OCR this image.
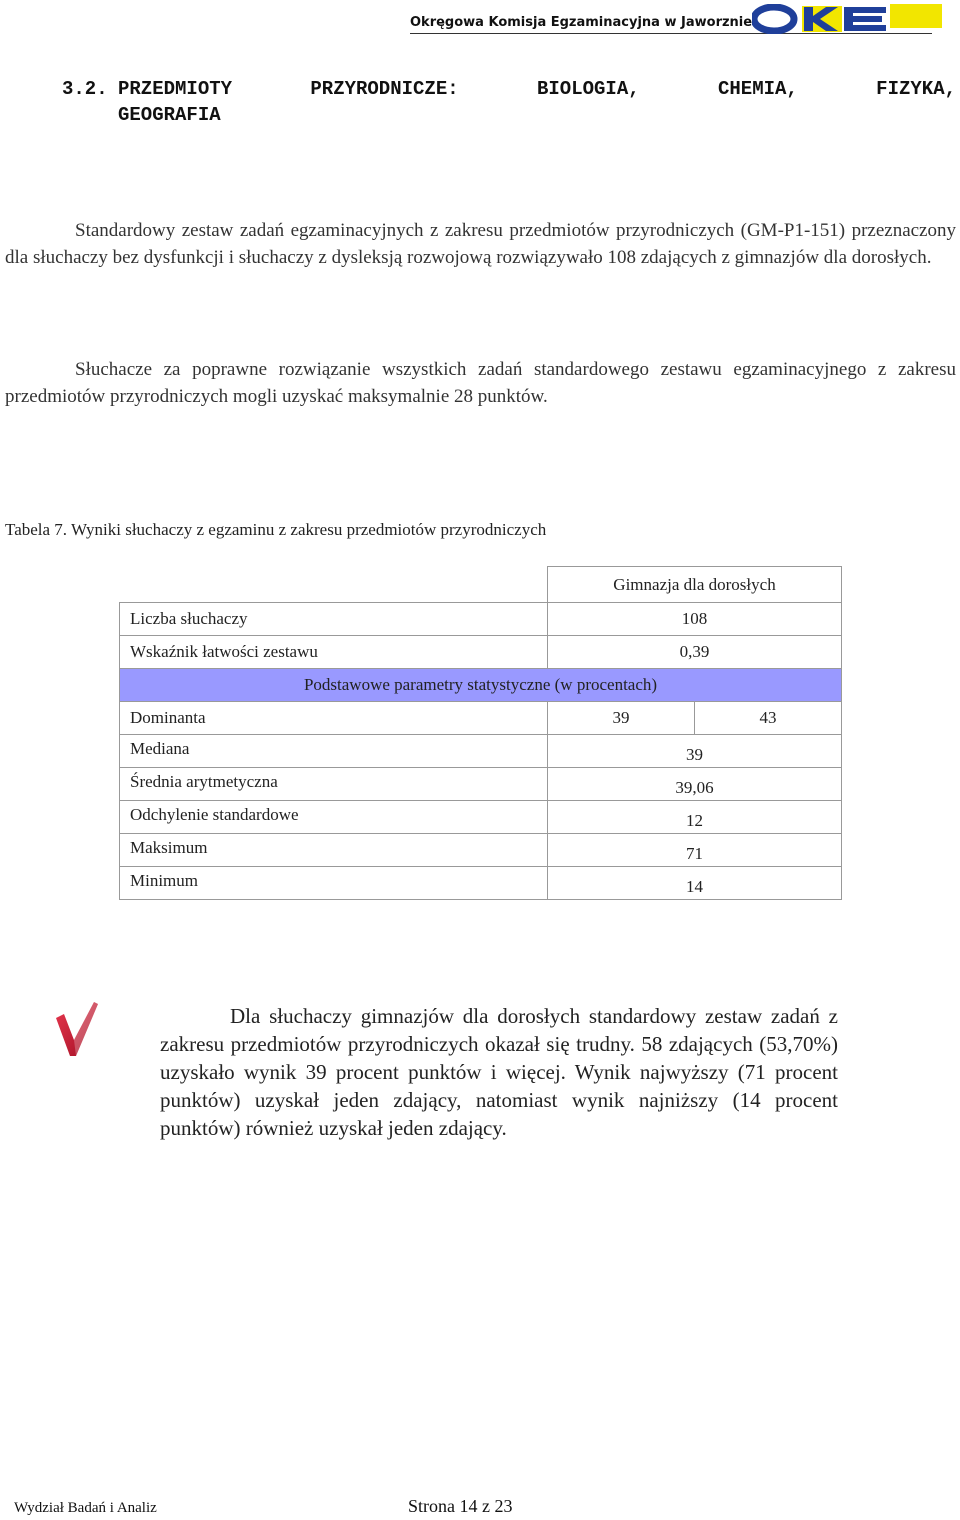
Okręgowa Komisja Egzaminacyjna w Jaworznie
3.2. PRZEDMIOTY PRZYRODNICZE: BIOLOGIA, CHEMIA, FIZYKA,
GEOGRAFIA

Standardowy zestaw zadań egzaminacyjnych z zakresu przedmiotów przyrodniczych (GM-P1-151) przeznaczony dla słuchaczy bez dysfunkcji i słuchaczy z dysleksją rozwojową rozwiązywało 108 zdających z gimnazjów dla dorosłych.

Słuchacze za poprawne rozwiązanie wszystkich zadań standardowego zestawu egzaminacyjnego z zakresu przedmiotów przyrodniczych mogli uzyskać maksymalnie 28 punktów.

Tabela 7. Wyniki słuchaczy z egzaminu z zakresu przedmiotów przyrodniczych
	Gimnazja dla dorosłych	
Liczba słuchaczy	108	
Wskaźnik łatwości zestawu	0,39	
Podstawowe parametry statystyczne (w procentach)		
Dominanta	39	43
Mediana	39	
Średnia arytmetyczna	39,06	
Odchylenie standardowe	12	
Maksimum	71	
Minimum	14	

Dla słuchaczy gimnazjów dla dorosłych standardowy zestaw zadań z zakresu przedmiotów przyrodniczych okazał się trudny. 58 zdających (53,70%) uzyskało wynik 39 procent punktów i więcej. Wynik najwyższy (71 procent punktów) uzyskał jeden zdający, natomiast wynik najniższy (14 procent punktów) również uzyskał jeden zdający.

Wydział Badań i Analiz	Strona 14 z 23
